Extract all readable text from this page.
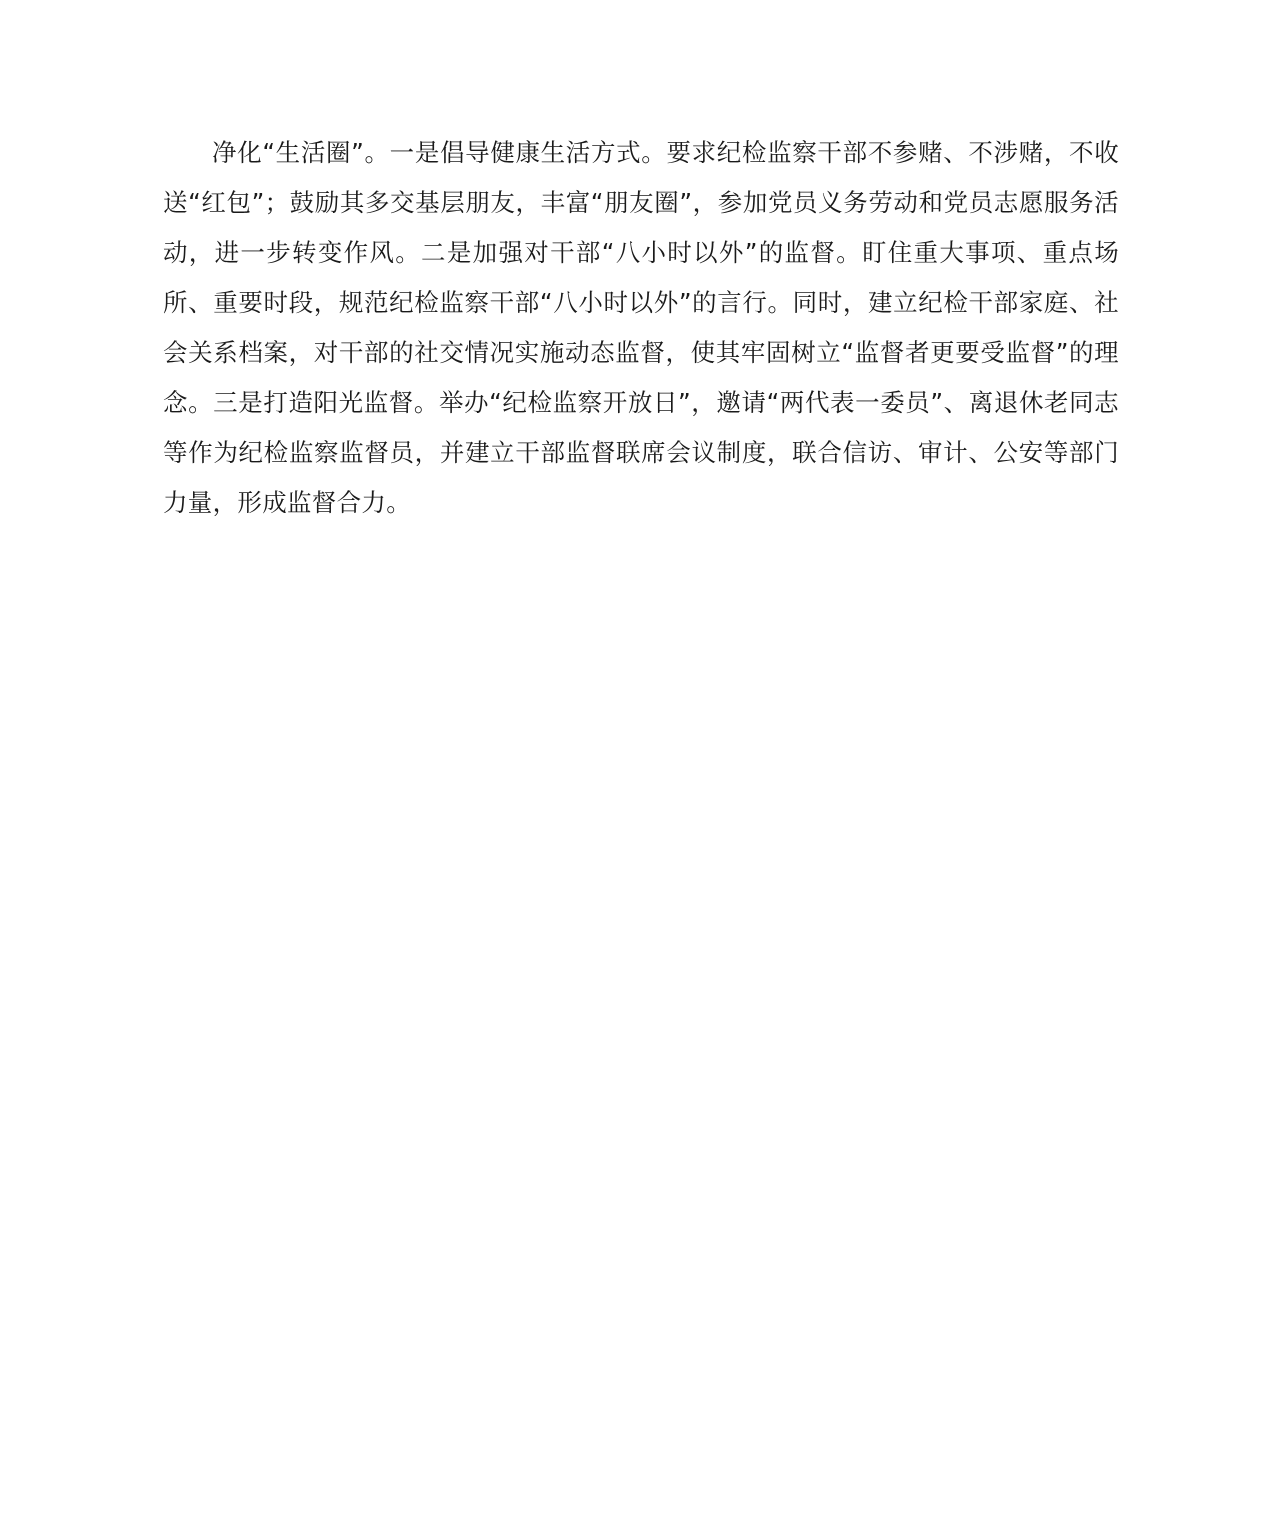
净化“生活圈”。一是倡导健康生活方式。要求纪检监察干部不参赌、不涉赌，不收送“红包”；鼓励其多交基层朋友，丰富“朋友圈”，参加党员义务劳动和党员志愿服务活动，进一步转变作风。二是加强对干部“八小时以外”的监督。盯住重大事项、重点场所、重要时段，规范纪检监察干部“八小时以外”的言行。同时，建立纪检干部家庭、社会关系档案，对干部的社交情况实施动态监督，使其牢固树立“监督者更要受监督”的理念。三是打造阳光监督。举办“纪检监察开放日”，邀请“两代表一委员”、离退休老同志等作为纪检监察监督员，并建立干部监督联席会议制度，联合信访、审计、公安等部门力量，形成监督合力。
